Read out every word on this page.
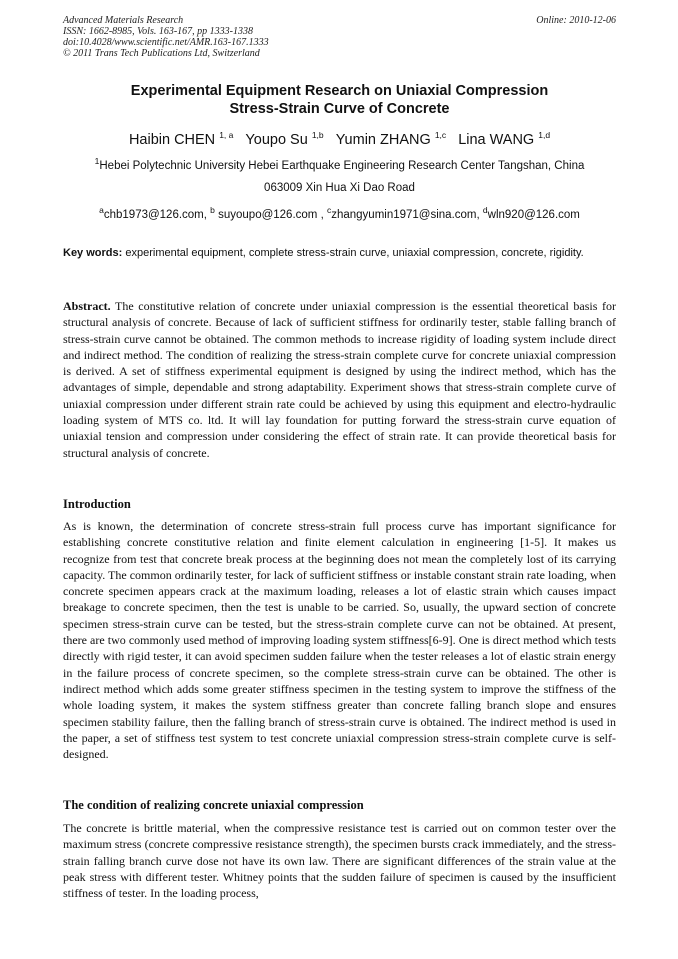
Advanced Materials Research
ISSN: 1662-8985, Vols. 163-167, pp 1333-1338
doi:10.4028/www.scientific.net/AMR.163-167.1333
© 2011 Trans Tech Publications Ltd, Switzerland
Online: 2010-12-06
Experimental Equipment Research on Uniaxial Compression
Stress-Strain Curve of Concrete
Haibin CHEN $^{1, a}$ Youpo Su $^{1,b}$ Yumin ZHANG $^{1,c}$ Lina WANG $^{1,d}$
$^1$Hebei Polytechnic University Hebei Earthquake Engineering Research Center Tangshan, China
063009 Xin Hua Xi Dao Road
$^a$chb1973@126.com, $^b$ suyoupo@126.com , $^c$zhangyumin1971@sina.com, $^d$wln920@126.com
Key words: experimental equipment, complete stress-strain curve, uniaxial compression, concrete, rigidity.
Abstract. The constitutive relation of concrete under uniaxial compression is the essential theoretical basis for structural analysis of concrete. Because of lack of sufficient stiffness for ordinarily tester, stable falling branch of stress-strain curve cannot be obtained. The common methods to increase rigidity of loading system include direct and indirect method. The condition of realizing the stress-strain complete curve for concrete uniaxial compression is derived. A set of stiffness experimental equipment is designed by using the indirect method, which has the advantages of simple, dependable and strong adaptability. Experiment shows that stress-strain complete curve of uniaxial compression under different strain rate could be achieved by using this equipment and electro-hydraulic loading system of MTS co. ltd. It will lay foundation for putting forward the stress-strain curve equation of uniaxial tension and compression under considering the effect of strain rate. It can provide theoretical basis for structural analysis of concrete.
Introduction
As is known, the determination of concrete stress-strain full process curve has important significance for establishing concrete constitutive relation and finite element calculation in engineering [1-5]. It makes us recognize from test that concrete break process at the beginning does not mean the completely lost of its carrying capacity. The common ordinarily tester, for lack of sufficient stiffness or instable constant strain rate loading, when concrete specimen appears crack at the maximum loading, releases a lot of elastic strain which causes impact breakage to concrete specimen, then the test is unable to be carried. So, usually, the upward section of concrete specimen stress-strain curve can be tested, but the stress-strain complete curve can not be obtained. At present, there are two commonly used method of improving loading system stiffness[6-9]. One is direct method which tests directly with rigid tester, it can avoid specimen sudden failure when the tester releases a lot of elastic strain energy in the failure process of concrete specimen, so the complete stress-strain curve can be obtained. The other is indirect method which adds some greater stiffness specimen in the testing system to improve the stiffness of the whole loading system, it makes the system stiffness greater than concrete falling branch slope and ensures specimen stability failure, then the falling branch of stress-strain curve is obtained. The indirect method is used in the paper, a set of stiffness test system to test concrete uniaxial compression stress-strain complete curve is self-designed.
The condition of realizing concrete uniaxial compression
The concrete is brittle material, when the compressive resistance test is carried out on common tester over the maximum stress (concrete compressive resistance strength), the specimen bursts crack immediately, and the stress-strain falling branch curve dose not have its own law. There are significant differences of the strain value at the peak stress with different tester. Whitney points that the sudden failure of specimen is caused by the insufficient stiffness of tester. In the loading process,
